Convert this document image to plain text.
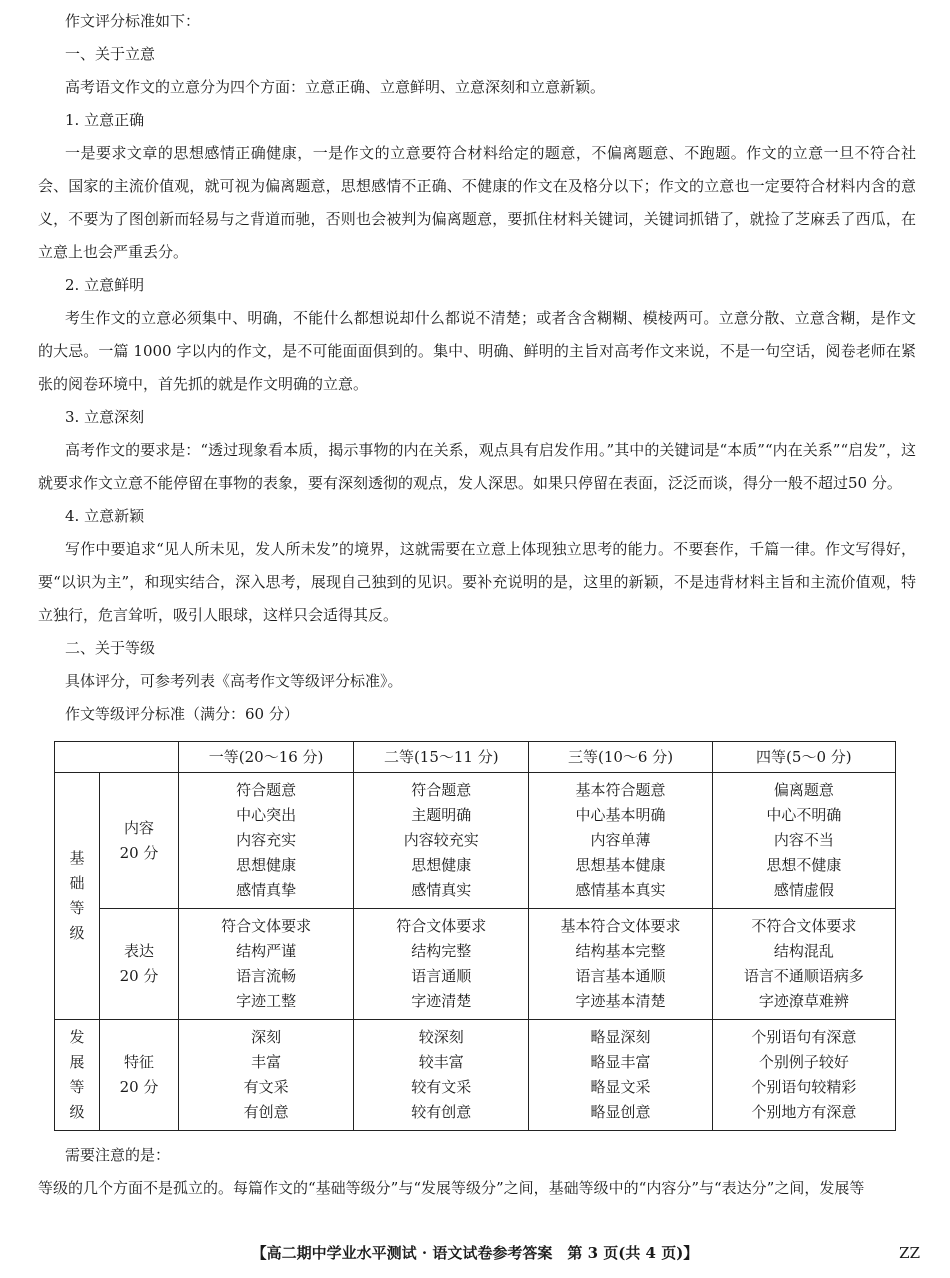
作文评分标准如下：

一、关于立意

高考语文作文的立意分为四个方面：立意正确、立意鲜明、立意深刻和立意新颖。

1. 立意正确

一是要求文章的思想感情正确健康，一是作文的立意要符合材料给定的题意，不偏离题意、不跑题。作文的立意一旦不符合社会、国家的主流价值观，就可视为偏离题意，思想感情不正确、不健康的作文在及格分以下；作文的立意也一定要符合材料内含的意义，不要为了图创新而轻易与之背道而驰，否则也会被判为偏离题意，要抓住材料关键词，关键词抓错了，就捡了芝麻丢了西瓜，在立意上也会严重丢分。

2. 立意鲜明

考生作文的立意必须集中、明确，不能什么都想说却什么都说不清楚；或者含含糊糊、模棱两可。立意分散、立意含糊，是作文的大忌。一篇 1000 字以内的作文，是不可能面面俱到的。集中、明确、鲜明的主旨对高考作文来说，不是一句空话，阅卷老师在紧张的阅卷环境中，首先抓的就是作文明确的立意。

3. 立意深刻

高考作文的要求是：“透过现象看本质，揭示事物的内在关系，观点具有启发作用。”其中的关键词是“本质”“内在关系”“启发”，这就要求作文立意不能停留在事物的表象，要有深刻透彻的观点，发人深思。如果只停留在表面，泛泛而谈，得分一般不超过50 分。

4. 立意新颖

写作中要追求“见人所未见，发人所未发”的境界，这就需要在立意上体现独立思考的能力。不要套作，千篇一律。作文写得好，要“以识为主”，和现实结合，深入思考，展现自己独到的见识。要补充说明的是，这里的新颖，不是违背材料主旨和主流价值观，特立独行，危言耸听，吸引人眼球，这样只会适得其反。

二、关于等级

具体评分，可参考列表《高考作文等级评分标准》。

作文等级评分标准（满分：60 分）

		一等(20～16 分)	二等(15～11 分)	三等(10～6 分)	四等(5～0 分)

基
础
等
级	内容
20 分	符合题意
中心突出
内容充实
思想健康
感情真挚	符合题意
主题明确
内容较充实
思想健康
感情真实	基本符合题意
中心基本明确
内容单薄
思想基本健康
感情基本真实	偏离题意
中心不明确
内容不当
思想不健康
感情虚假

	表达
20 分	符合文体要求
结构严谨
语言流畅
字迹工整	符合文体要求
结构完整
语言通顺
字迹清楚	基本符合文体要求
结构基本完整
语言基本通顺
字迹基本清楚	不符合文体要求
结构混乱
语言不通顺语病多
字迹潦草难辨

发
展
等
级	特征
20 分	深刻
丰富
有文采
有创意	较深刻
较丰富
较有文采
较有创意	略显深刻
略显丰富
略显文采
略显创意	个别语句有深意
个别例子较好
个别语句较精彩
个别地方有深意

需要注意的是：

等级的几个方面不是孤立的。每篇作文的“基础等级分”与“发展等级分”之间，基础等级中的“内容分”与“表达分”之间，发展等

【高二期中学业水平测试 · 语文试卷参考答案　第 3 页(共 4 页)】	ZZ
